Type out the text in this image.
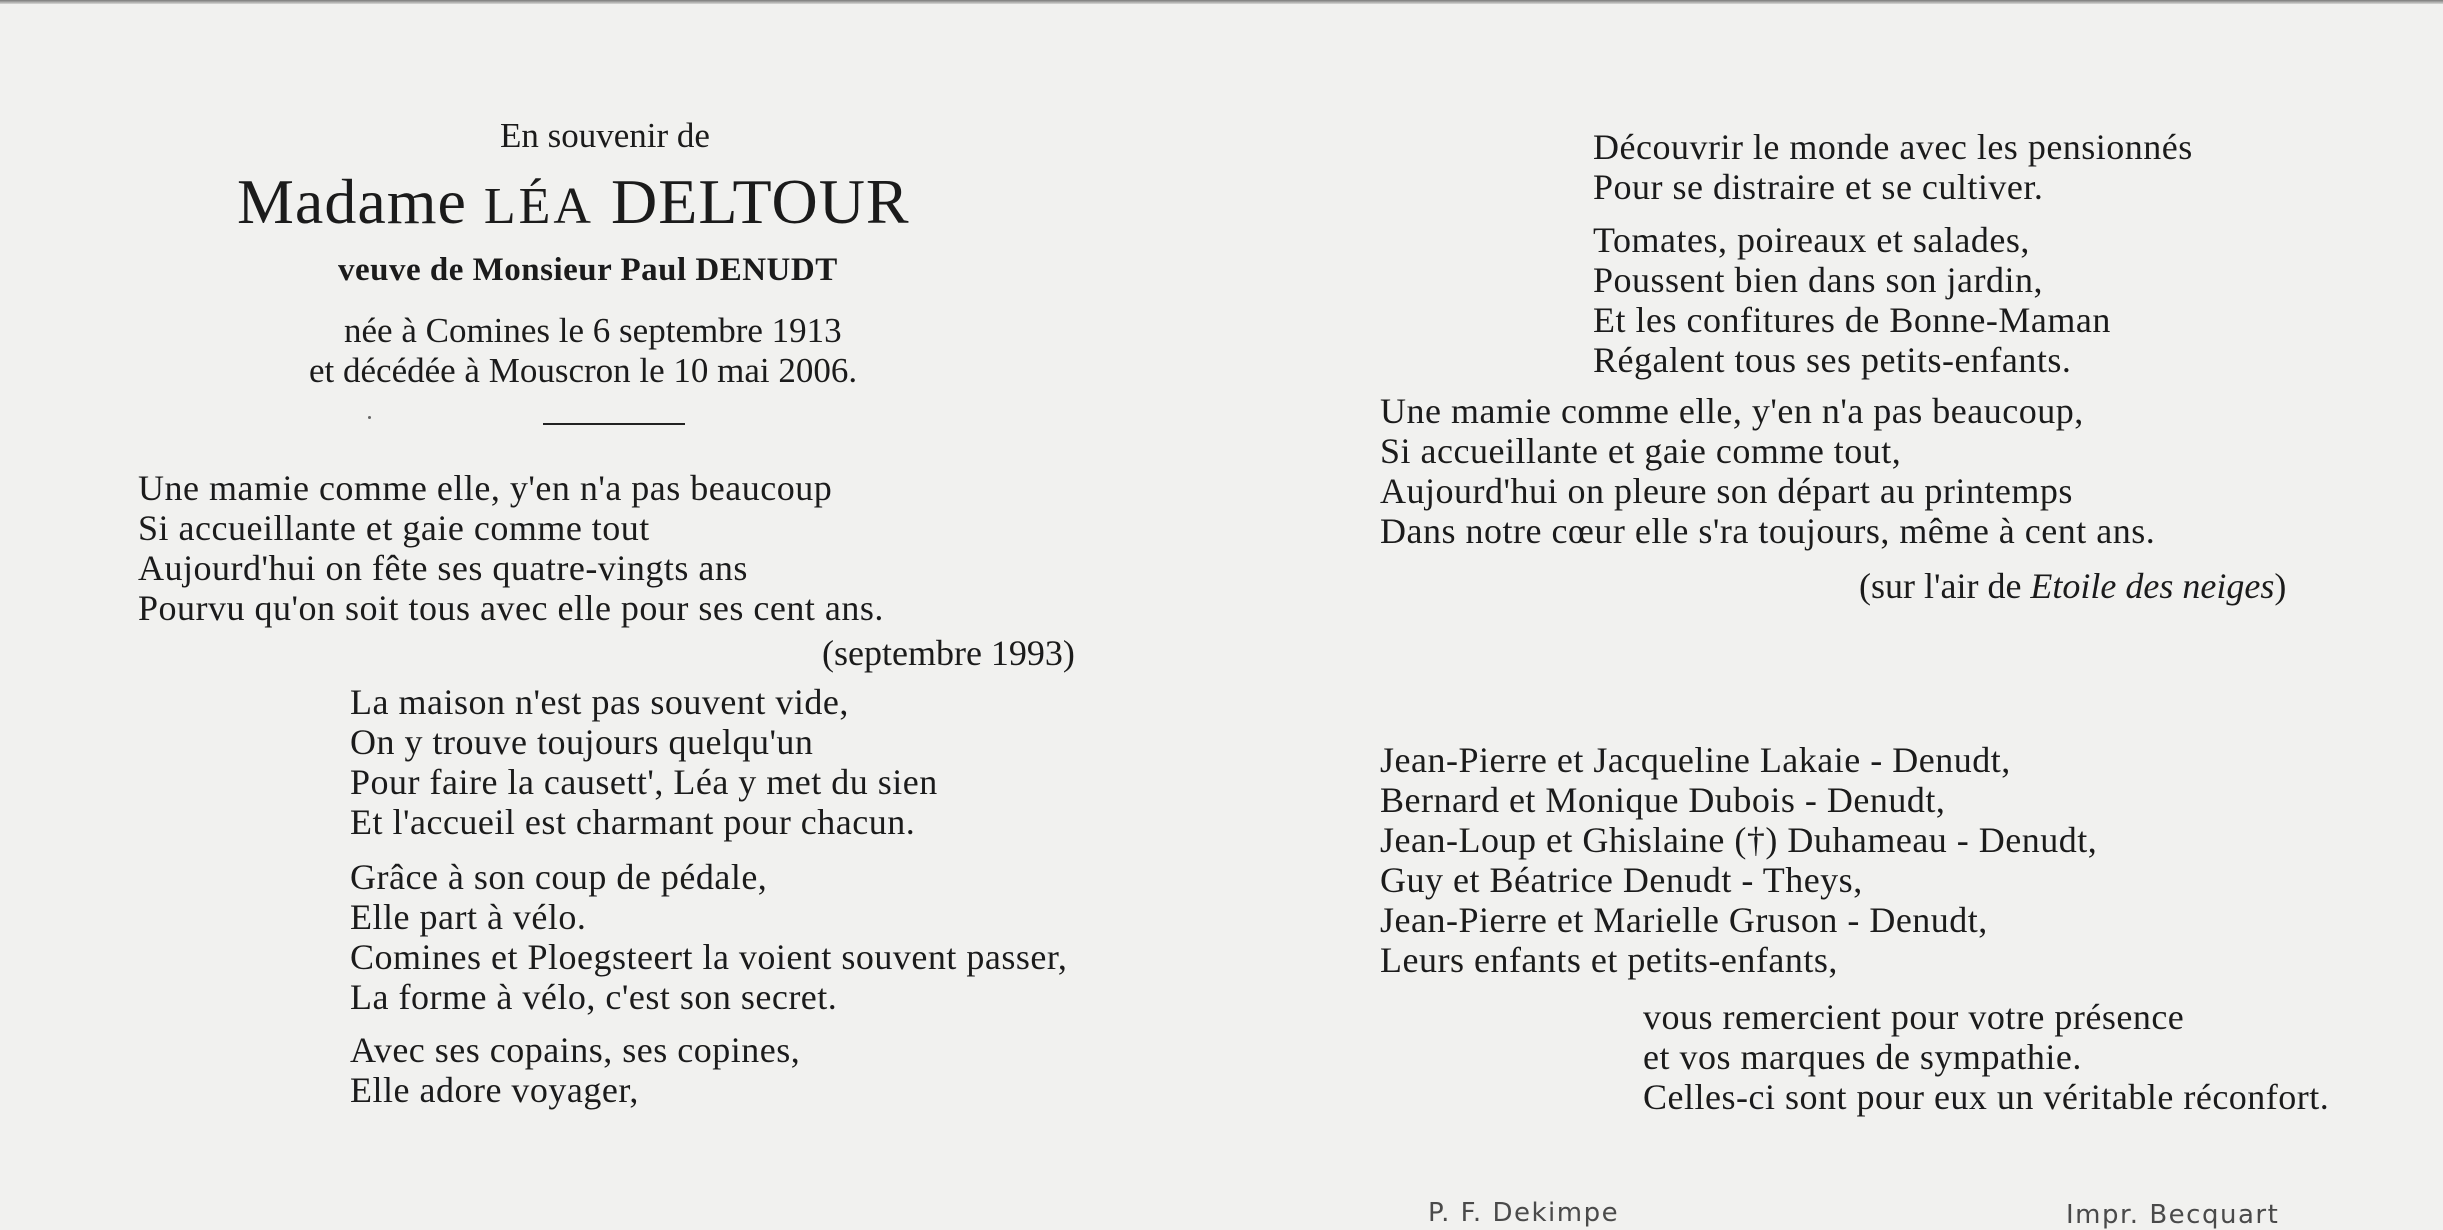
En souvenir de
Madame LÉA DELTOUR
veuve de Monsieur Paul DENUDT
née à Comines le 6 septembre 1913
et décédée à Mouscron le 10 mai 2006.
Une mamie comme elle, y'en n'a pas beaucoup
Si accueillante et gaie comme tout
Aujourd'hui on fête ses quatre-vingts ans
Pourvu qu'on soit tous avec elle pour ses cent ans.
(septembre 1993)
La maison n'est pas souvent vide,
On y trouve toujours quelqu'un
Pour faire la causett', Léa y met du sien
Et l'accueil est charmant pour chacun.
Grâce à son coup de pédale,
Elle part à vélo.
Comines et Ploegsteert la voient souvent passer,
La forme à vélo, c'est son secret.
Avec ses copains, ses copines,
Elle adore voyager,
Découvrir le monde avec les pensionnés
Pour se distraire et se cultiver.
Tomates, poireaux et salades,
Poussent bien dans son jardin,
Et les confitures de Bonne-Maman
Régalent tous ses petits-enfants.
Une mamie comme elle, y'en n'a pas beaucoup,
Si accueillante et gaie comme tout,
Aujourd'hui on pleure son départ au printemps
Dans notre cœur elle s'ra toujours, même à cent ans.
(sur l'air de Etoile des neiges)
Jean-Pierre et Jacqueline Lakaie - Denudt,
Bernard et Monique Dubois - Denudt,
Jean-Loup et Ghislaine (†) Duhameau - Denudt,
Guy et Béatrice Denudt - Theys,
Jean-Pierre et Marielle Gruson - Denudt,
Leurs enfants et petits-enfants,
vous remercient pour votre présence
et vos marques de sympathie.
Celles-ci sont pour eux un véritable réconfort.
P. F. Dekimpe	Impr. Becquart
